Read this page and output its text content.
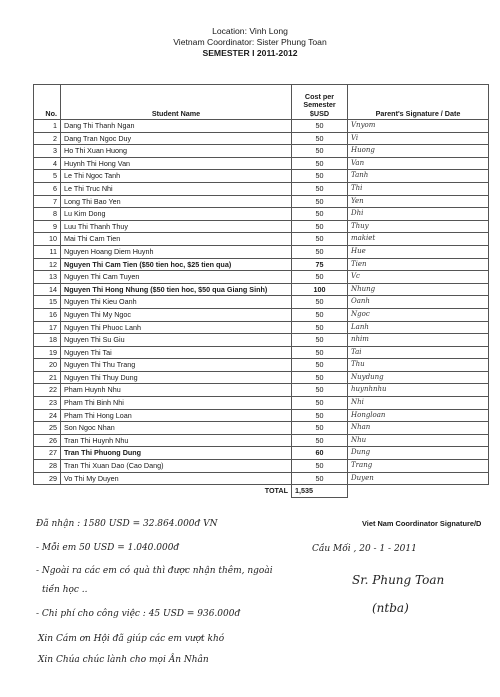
Location: Vinh Long
Vietnam Coordinator: Sister Phung Toan
SEMESTER I 2011-2012
No.	Student Name	Cost per Semester $USD	Parent's Signature / Date
1	Dang Thi Thanh Ngan	50	Vnyom
2	Dang Tran Ngoc Duy	50	Vi
3	Ho Thi Xuan Huong	50	Huong
4	Huynh Thi Hong Van	50	Van
5	Le Thi Ngoc Tanh	50	Tanh
6	Le Thi Truc Nhi	50	Thi
7	Long Thi Bao Yen	50	Yen
8	Lu Kim Dong	50	Dhi
9	Luu Thi Thanh Thuy	50	Thuy
10	Mai Thi Cam Tien	50	makiet
11	Nguyen Hoang Diem Huynh	50	Hue
12	Nguyen Thi Cam Tien ($50 tien hoc, $25 tien qua)	75	Tien
13	Nguyen Thi Cam Tuyen	50	Vc
14	Nguyen Thi Hong Nhung ($50 tien hoc, $50 qua Giang Sinh)	100	Nhung
15	Nguyen Thi Kieu Oanh	50	Oanh
16	Nguyen Thi My Ngoc	50	Ngoc
17	Nguyen Thi Phuoc Lanh	50	Lanh
18	Nguyen Thi Su Giu	50	nhim
19	Nguyen Thi Tai	50	Tai
20	Nguyen Thi Thu Trang	50	Thu
21	Nguyen Thi Thuy Dung	50	Nuydung
22	Pham Huynh Nhu	50	huynhnhu
23	Pham Thi Binh Nhi	50	Nhi
24	Pham Thi Hong Loan	50	Hongloan
25	Son Ngoc Nhan	50	Nhan
26	Tran Thi Huynh Nhu	50	Nhu
27	Tran Thi Phuong Dung	60	Dung
28	Tran Thi Xuan Dao (Cao Dang)	50	Trang
29	Vo Thi My Duyen	50	Duyen
	TOTAL	1,535	
Viet Nam Coordinator Signature/D
Đã nhận : 1580 USD = 32.864.000đ VN
- Mỗi em 50 USD = 1.040.000đ
- Ngoài ra các em có quà thì được nhận thêm, ngoài
tiền học ..
- Chi phí cho công việc : 45 USD = 936.000đ
Xin Cám ơn Hội đã giúp các em vượt khó
Xin Chúa chúc lành cho mọi Ân Nhân
Cầu Mối , 20 - 1 - 2011
Sr. Phung Toan
(ntba)
